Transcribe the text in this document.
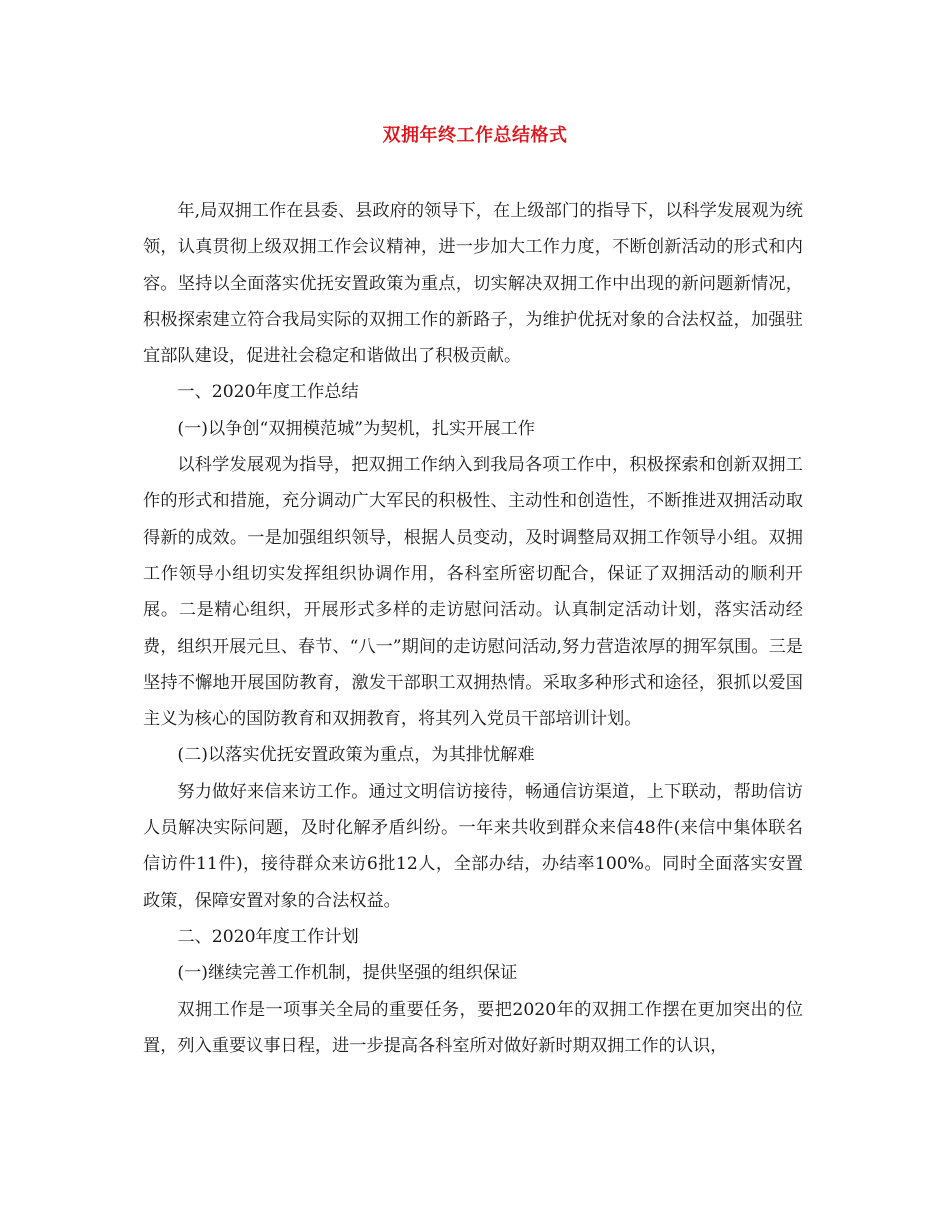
双拥年终工作总结格式

年,局双拥工作在县委、县政府的领导下，在上级部门的指导下，以科学发展观为统领，认真贯彻上级双拥工作会议精神，进一步加大工作力度，不断创新活动的形式和内容。坚持以全面落实优抚安置政策为重点，切实解决双拥工作中出现的新问题新情况，积极探索建立符合我局实际的双拥工作的新路子，为维护优抚对象的合法权益，加强驻宜部队建设，促进社会稳定和谐做出了积极贡献。

一、2020年度工作总结

(一)以争创“双拥模范城”为契机，扎实开展工作

以科学发展观为指导，把双拥工作纳入到我局各项工作中，积极探索和创新双拥工作的形式和措施，充分调动广大军民的积极性、主动性和创造性，不断推进双拥活动取得新的成效。一是加强组织领导，根据人员变动，及时调整局双拥工作领导小组。双拥工作领导小组切实发挥组织协调作用，各科室所密切配合，保证了双拥活动的顺利开展。二是精心组织，开展形式多样的走访慰问活动。认真制定活动计划，落实活动经费，组织开展元旦、春节、“八一”期间的走访慰问活动,努力营造浓厚的拥军氛围。三是坚持不懈地开展国防教育，激发干部职工双拥热情。采取多种形式和途径，狠抓以爱国主义为核心的国防教育和双拥教育，将其列入党员干部培训计划。

(二)以落实优抚安置政策为重点，为其排忧解难

努力做好来信来访工作。通过文明信访接待，畅通信访渠道，上下联动，帮助信访人员解决实际问题，及时化解矛盾纠纷。一年来共收到群众来信48件(来信中集体联名信访件11件)，接待群众来访6批12人，全部办结，办结率100%。同时全面落实安置政策，保障安置对象的合法权益。

二、2020年度工作计划

(一)继续完善工作机制，提供坚强的组织保证

双拥工作是一项事关全局的重要任务，要把2020年的双拥工作摆在更加突出的位置，列入重要议事日程，进一步提高各科室所对做好新时期双拥工作的认识，
